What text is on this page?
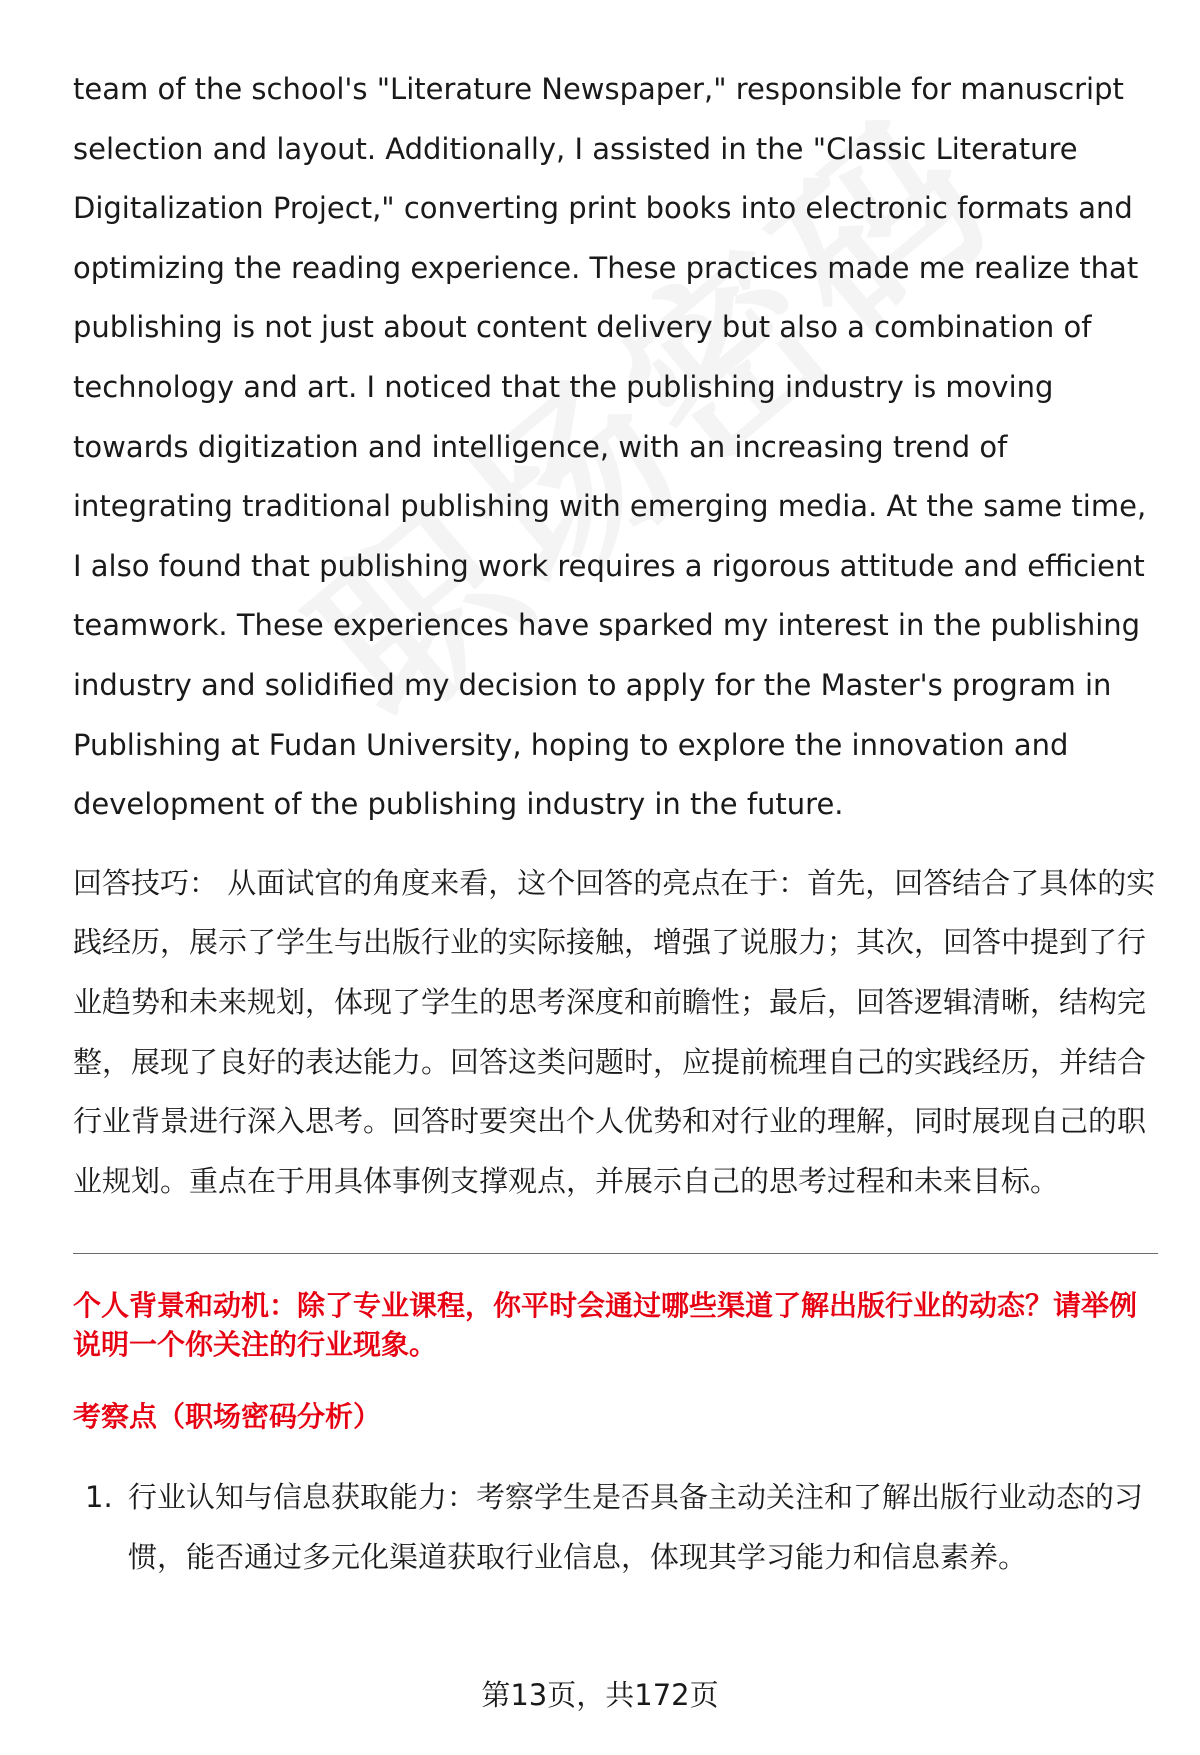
team of the school's "Literature Newspaper," responsible for manuscript selection and layout. Additionally, I assisted in the "Classic Literature Digitalization Project," converting print books into electronic formats and optimizing the reading experience. These practices made me realize that publishing is not just about content delivery but also a combination of technology and art. I noticed that the publishing industry is moving towards digitization and intelligence, with an increasing trend of integrating traditional publishing with emerging media. At the same time, I also found that publishing work requires a rigorous attitude and efficient teamwork. These experiences have sparked my interest in the publishing industry and solidified my decision to apply for the Master's program in Publishing at Fudan University, hoping to explore the innovation and development of the publishing industry in the future.

回答技巧： 从面试官的角度来看，这个回答的亮点在于：首先，回答结合了具体的实践经历，展示了学生与出版行业的实际接触，增强了说服力；其次，回答中提到了行业趋势和未来规划，体现了学生的思考深度和前瞻性；最后，回答逻辑清晰，结构完整，展现了良好的表达能力。回答这类问题时，应提前梳理自己的实践经历，并结合行业背景进行深入思考。回答时要突出个人优势和对行业的理解，同时展现自己的职业规划。重点在于用具体事例支撑观点，并展示自己的思考过程和未来目标。

个人背景和动机：除了专业课程，你平时会通过哪些渠道了解出版行业的动态？请举例说明一个你关注的行业现象。

考察点（职场密码分析）

1. 行业认知与信息获取能力：考察学生是否具备主动关注和了解出版行业动态的习惯，能否通过多元化渠道获取行业信息，体现其学习能力和信息素养。
第13页，共172页
